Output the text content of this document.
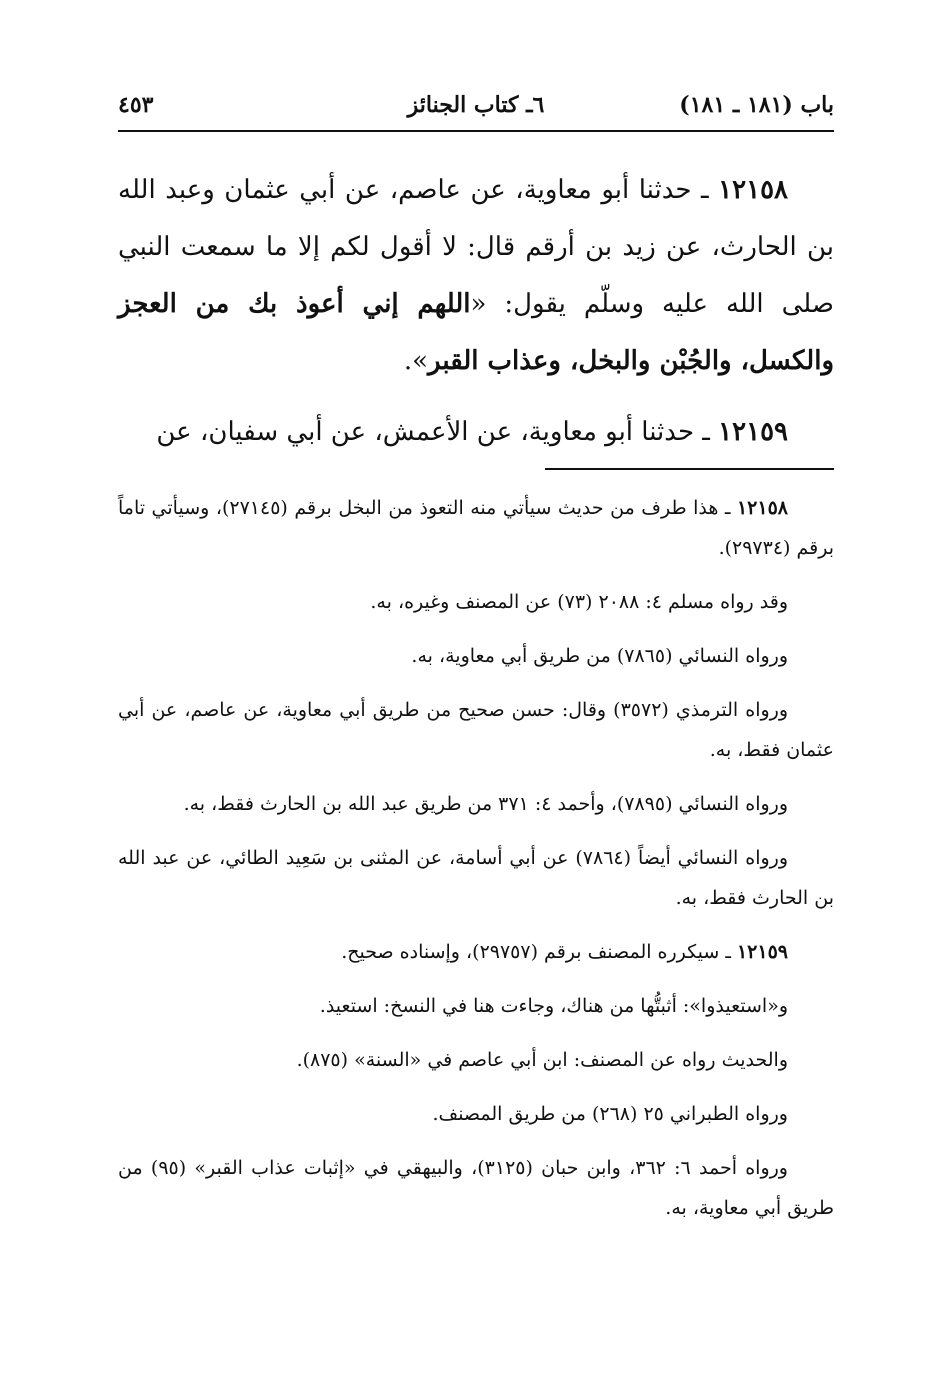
باب (١٨١ ـ ١٨١)
٦ـ كتاب الجنائز
٤٥٣

١٢١٥٨ ـ حدثنا أبو معاوية، عن عاصم، عن أبي عثمان وعبد الله بن الحارث، عن زيد بن أرقم قال: لا أقول لكم إلا ما سمعت النبي صلى الله عليه وسلّم يقول: «اللهم إني أعوذ بك من العجز والكسل، والجُبْن والبخل، وعذاب القبر».

١٢١٥٩ ـ حدثنا أبو معاوية، عن الأعمش، عن أبي سفيان، عن

١٢١٥٨ ـ هذا طرف من حديث سيأتي منه التعوذ من البخل برقم (٢٧١٤٥)، وسيأتي تاماً برقم (٢٩٧٣٤).

وقد رواه مسلم ٤: ٢٠٨٨ (٧٣) عن المصنف وغيره، به.

ورواه النسائي (٧٨٦٥) من طريق أبي معاوية، به.

ورواه الترمذي (٣٥٧٢) وقال: حسن صحيح من طريق أبي معاوية، عن عاصم، عن أبي عثمان فقط، به.

ورواه النسائي (٧٨٩٥)، وأحمد ٤: ٣٧١ من طريق عبد الله بن الحارث فقط، به.

ورواه النسائي أيضاً (٧٨٦٤) عن أبي أسامة، عن المثنى بن سَعِيد الطائي، عن عبد الله بن الحارث فقط، به.

١٢١٥٩ ـ سيكرره المصنف برقم (٢٩٧٥٧)، وإسناده صحيح.

و«استعيذوا»: أثبتُّها من هناك، وجاءت هنا في النسخ: استعيذ.

والحديث رواه عن المصنف: ابن أبي عاصم في «السنة» (٨٧٥).

ورواه الطبراني ٢٥ (٢٦٨) من طريق المصنف.

ورواه أحمد ٦: ٣٦٢، وابن حبان (٣١٢٥)، والبيهقي في «إثبات عذاب القبر» (٩٥) من طريق أبي معاوية، به.
